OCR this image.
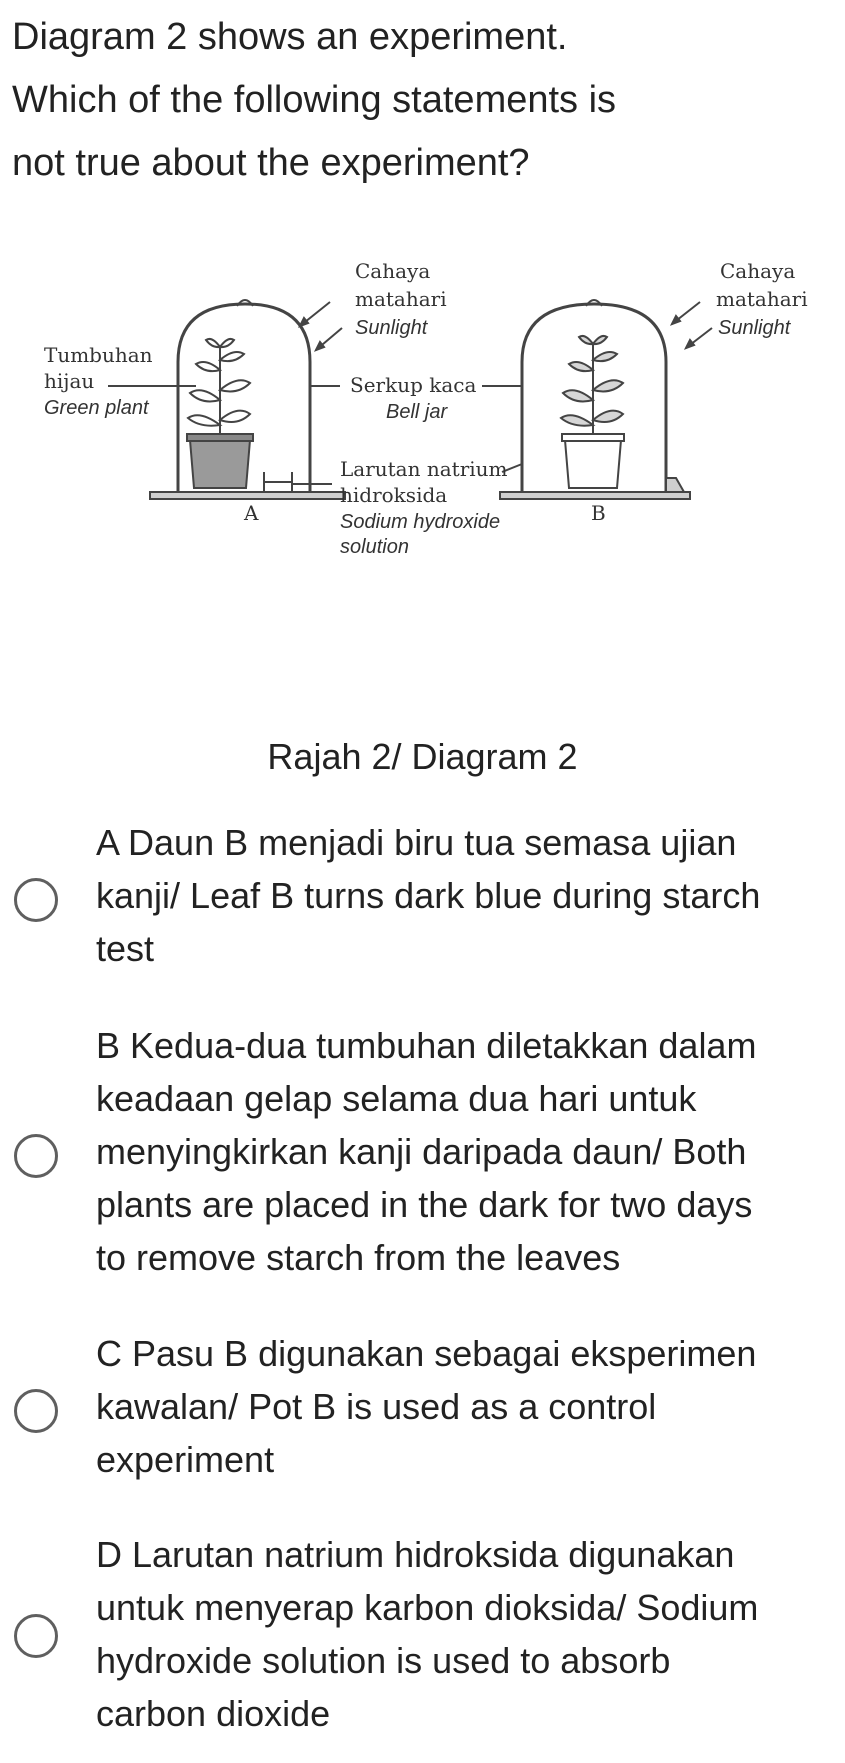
Diagram 2 shows an experiment.
Which of the following statements is
not true about the experiment?
Tumbuhan
hijau
Green plant
A
Cahaya
matahari
Sunlight
Serkup kaca
Bell jar
Larutan natrium
hidroksida
Sodium hydroxide
solution
Cahaya
matahari
Sunlight
B
Rajah 2/ Diagram 2
A Daun B menjadi biru tua semasa ujian
kanji/ Leaf B turns dark blue during starch
test
B Kedua-dua tumbuhan diletakkan dalam
keadaan gelap selama dua hari untuk
menyingkirkan kanji daripada daun/ Both
plants are placed in the dark for two days
to remove starch from the leaves
C Pasu B digunakan sebagai eksperimen
kawalan/ Pot B is used as a control
experiment
D Larutan natrium hidroksida digunakan
untuk menyerap karbon dioksida/ Sodium
hydroxide solution is used to absorb
carbon dioxide
